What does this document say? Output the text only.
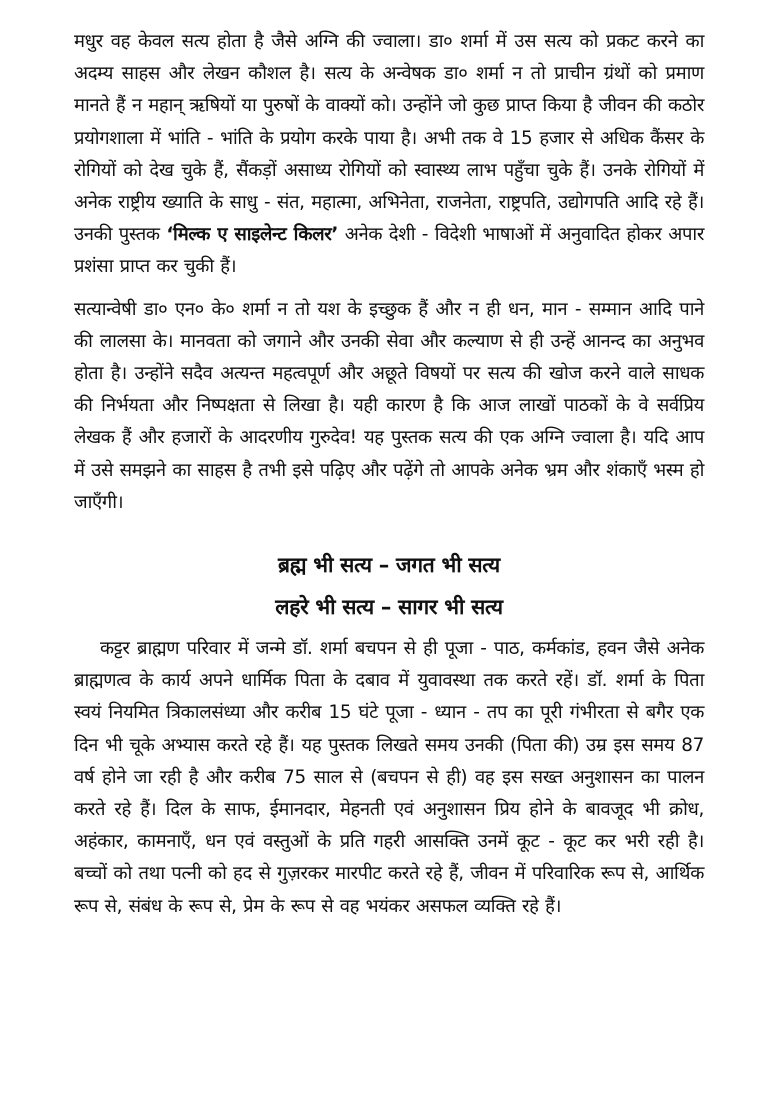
मधुर वह केवल सत्य होता है जैसे अग्नि की ज्वाला। डा० शर्मा में उस सत्य को प्रकट करने का अदम्य साहस और लेखन कौशल है। सत्य के अन्वेषक डा० शर्मा न तो प्राचीन ग्रंथों को प्रमाण मानते हैं न महान् ऋषियों या पुरुषों के वाक्यों को। उन्होंने जो कुछ प्राप्त किया है जीवन की कठोर प्रयोगशाला में भांति - भांति के प्रयोग करके पाया है। अभी तक वे 15 हजार से अधिक कैंसर के रोगियों को देख चुके हैं, सैंकड़ों असाध्य रोगियों को स्वास्थ्य लाभ पहुँचा चुके हैं। उनके रोगियों में अनेक राष्ट्रीय ख्याति के साधु - संत, महात्मा, अभिनेता, राजनेता, राष्ट्रपति, उद्योगपति आदि रहे हैं। उनकी पुस्तक ‘मिल्क ए साइलेन्ट किलर’ अनेक देशी - विदेशी भाषाओं में अनुवादित होकर अपार प्रशंसा प्राप्त कर चुकी हैं।

सत्यान्वेषी डा० एन० के० शर्मा न तो यश के इच्छुक हैं और न ही धन, मान - सम्मान आदि पाने की लालसा के। मानवता को जगाने और उनकी सेवा और कल्याण से ही उन्हें आनन्द का अनुभव होता है। उन्होंने सदैव अत्यन्त महत्वपूर्ण और अछूते विषयों पर सत्य की खोज करने वाले साधक की निर्भयता और निष्पक्षता से लिखा है। यही कारण है कि आज लाखों पाठकों के वे सर्वप्रिय लेखक हैं और हजारों के आदरणीय गुरुदेव! यह पुस्तक सत्य की एक अग्नि ज्वाला है। यदि आप में उसे समझने का साहस है तभी इसे पढ़िए और पढ़ेंगे तो आपके अनेक भ्रम और शंकाएँ भस्म हो जाएँगी।

ब्रह्म भी सत्य – जगत भी सत्य
लहरे भी सत्य – सागर भी सत्य

कट्टर ब्राह्मण परिवार में जन्मे डॉ. शर्मा बचपन से ही पूजा - पाठ, कर्मकांड, हवन जैसे अनेक ब्राह्मणत्व के कार्य अपने धार्मिक पिता के दबाव में युवावस्था तक करते रहें। डॉ. शर्मा के पिता स्वयं नियमित त्रिकालसंध्या और करीब 15 घंटे पूजा - ध्यान - तप का पूरी गंभीरता से बगैर एक दिन भी चूके अभ्यास करते रहे हैं। यह पुस्तक लिखते समय उनकी (पिता की) उम्र इस समय 87 वर्ष होने जा रही है और करीब 75 साल से (बचपन से ही) वह इस सख्त अनुशासन का पालन करते रहे हैं। दिल के साफ, ईमानदार, मेहनती एवं अनुशासन प्रिय होने के बावजूद भी क्रोध, अहंकार, कामनाएँ, धन एवं वस्तुओं के प्रति गहरी आसक्ति उनमें कूट - कूट कर भरी रही है। बच्चों को तथा पत्नी को हद से गुज़रकर मारपीट करते रहे हैं, जीवन में परिवारिक रूप से, आर्थिक रूप से, संबंध के रूप से, प्रेम के रूप से वह भयंकर असफल व्यक्ति रहे हैं।
